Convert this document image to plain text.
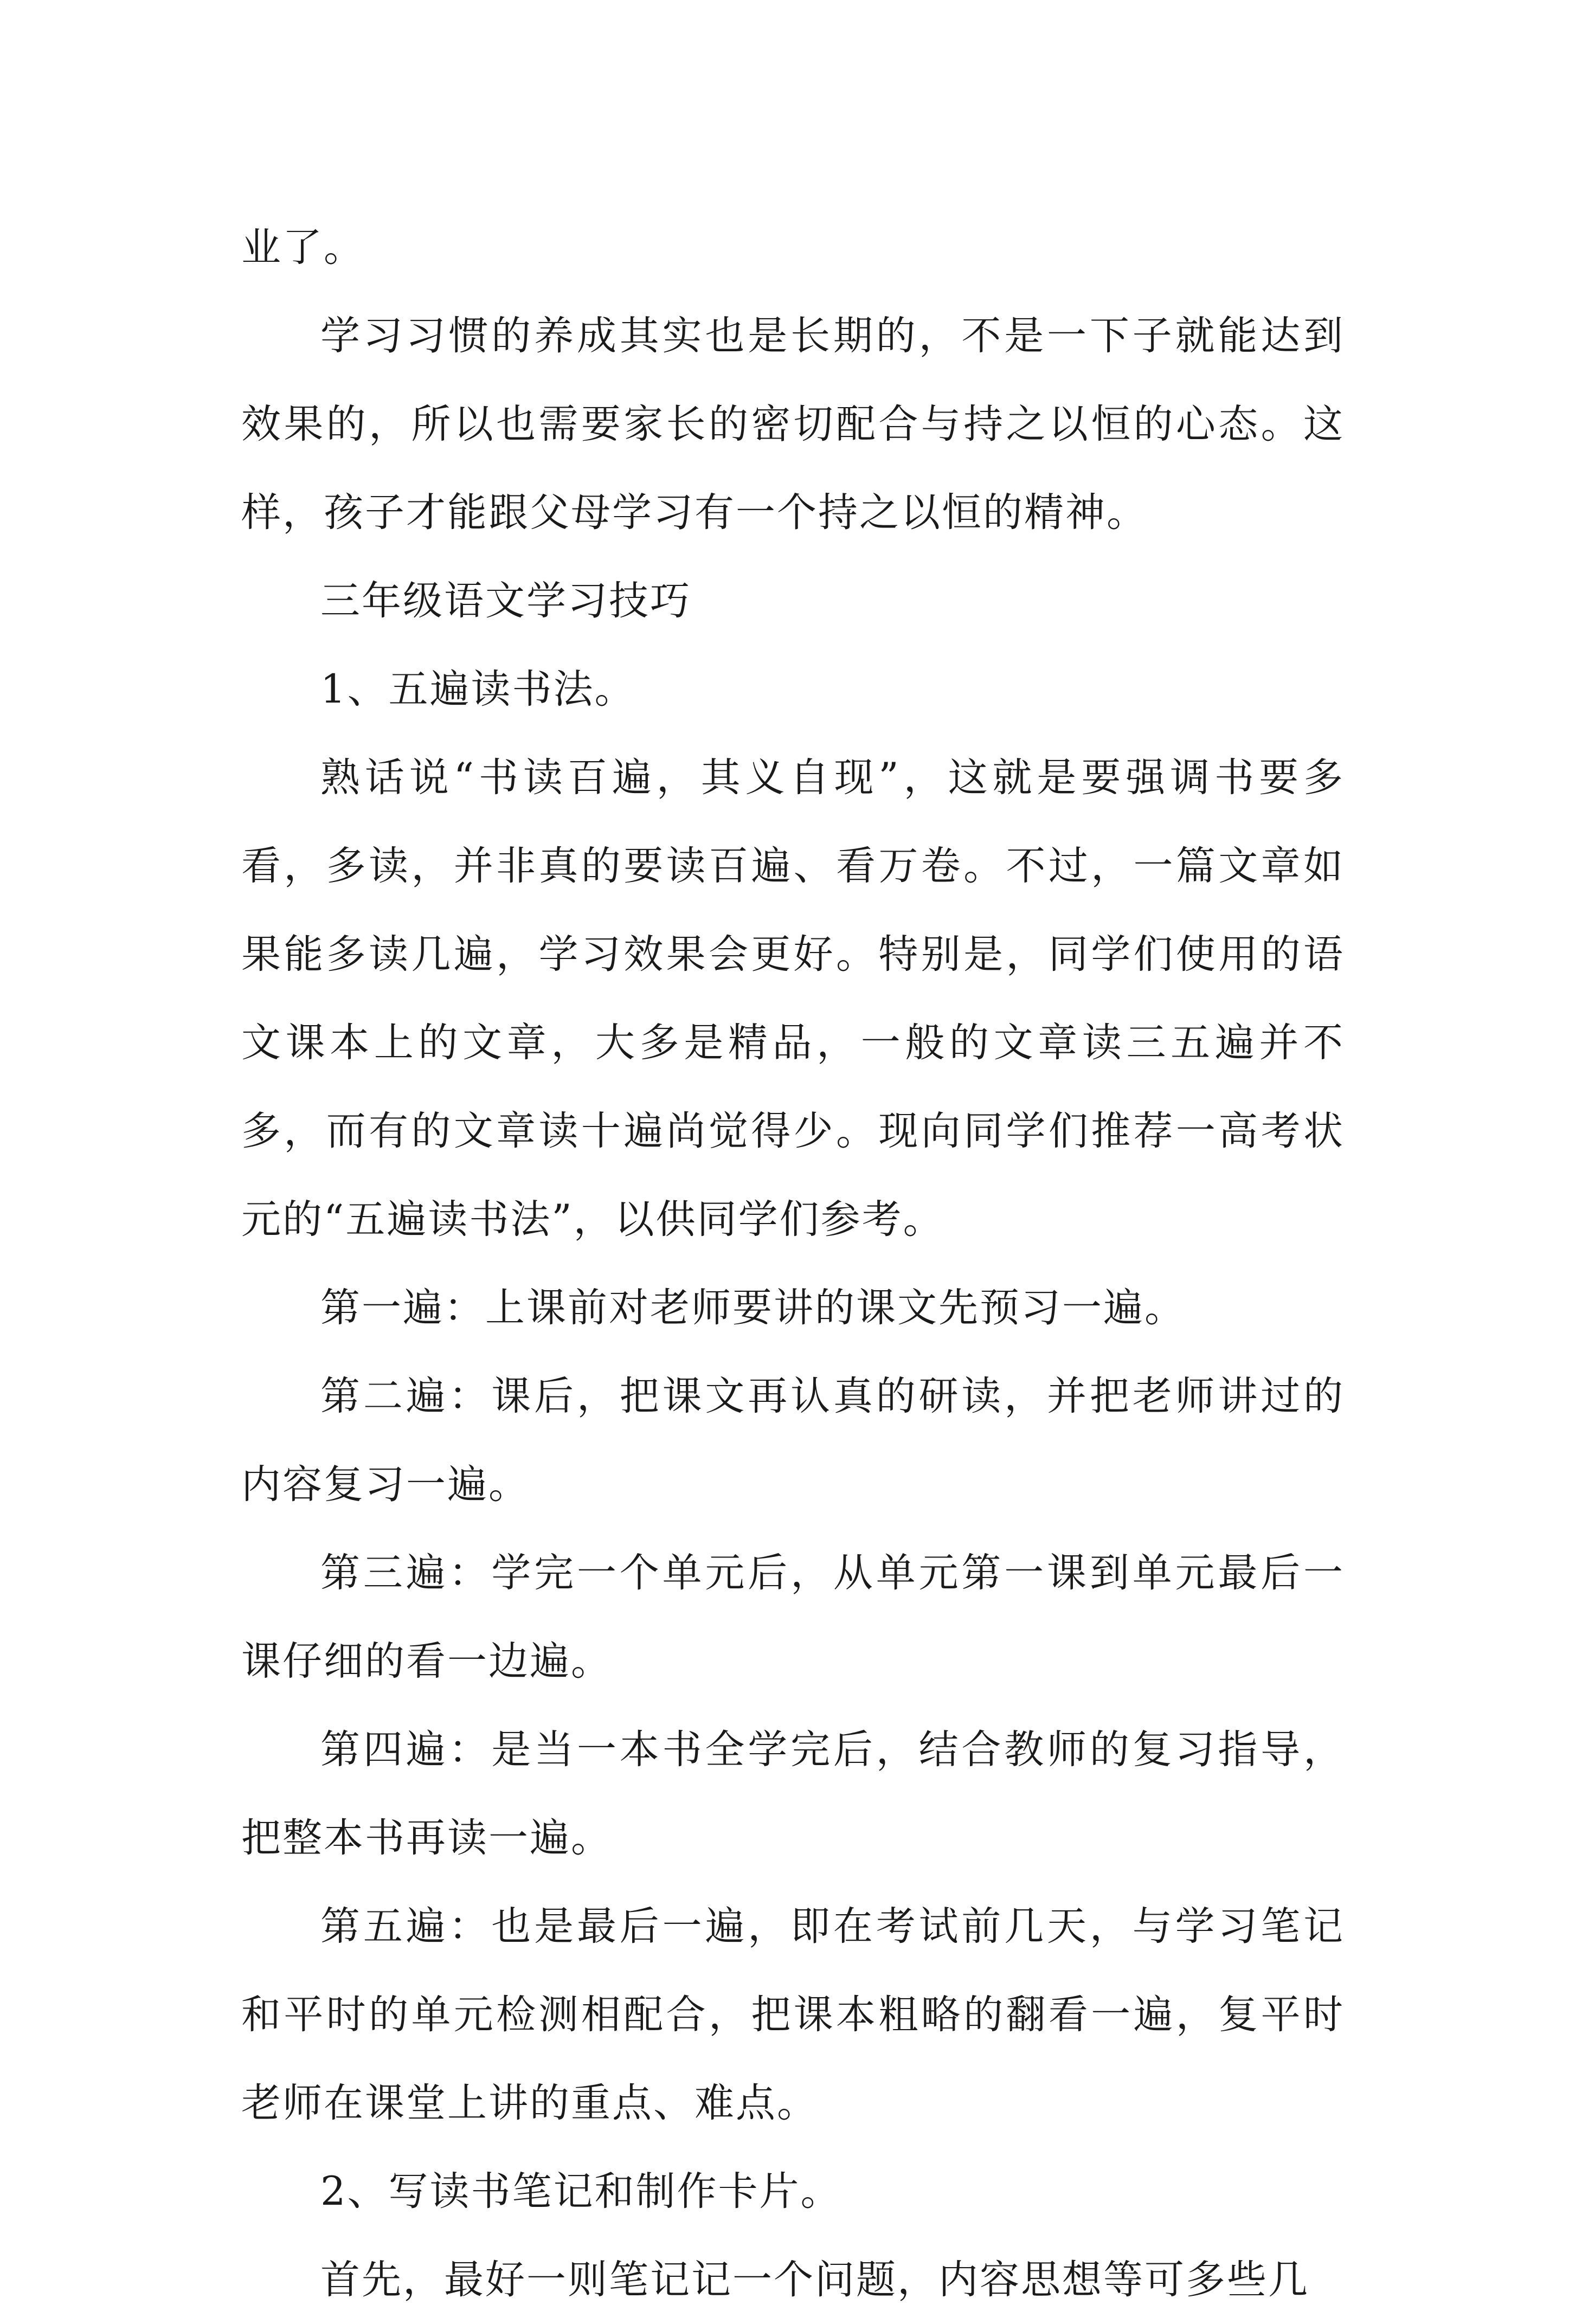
业了。

学习习惯的养成其实也是长期的，不是一下子就能达到效果的，所以也需要家长的密切配合与持之以恒的心态。这样，孩子才能跟父母学习有一个持之以恒的精神。

三年级语文学习技巧

1、五遍读书法。

熟话说“书读百遍，其义自现”，这就是要强调书要多看，多读，并非真的要读百遍、看万卷。不过，一篇文章如果能多读几遍，学习效果会更好。特别是，同学们使用的语文课本上的文章，大多是精品，一般的文章读三五遍并不多，而有的文章读十遍尚觉得少。现向同学们推荐一高考状元的“五遍读书法”，以供同学们参考。

第一遍：上课前对老师要讲的课文先预习一遍。

第二遍：课后，把课文再认真的研读，并把老师讲过的内容复习一遍。

第三遍：学完一个单元后，从单元第一课到单元最后一课仔细的看一边遍。

第四遍：是当一本书全学完后，结合教师的复习指导，把整本书再读一遍。

第五遍：也是最后一遍，即在考试前几天，与学习笔记和平时的单元检测相配合，把课本粗略的翻看一遍，复平时老师在课堂上讲的重点、难点。

2、写读书笔记和制作卡片。

首先，最好一则笔记记一个问题，内容思想等可多些几
